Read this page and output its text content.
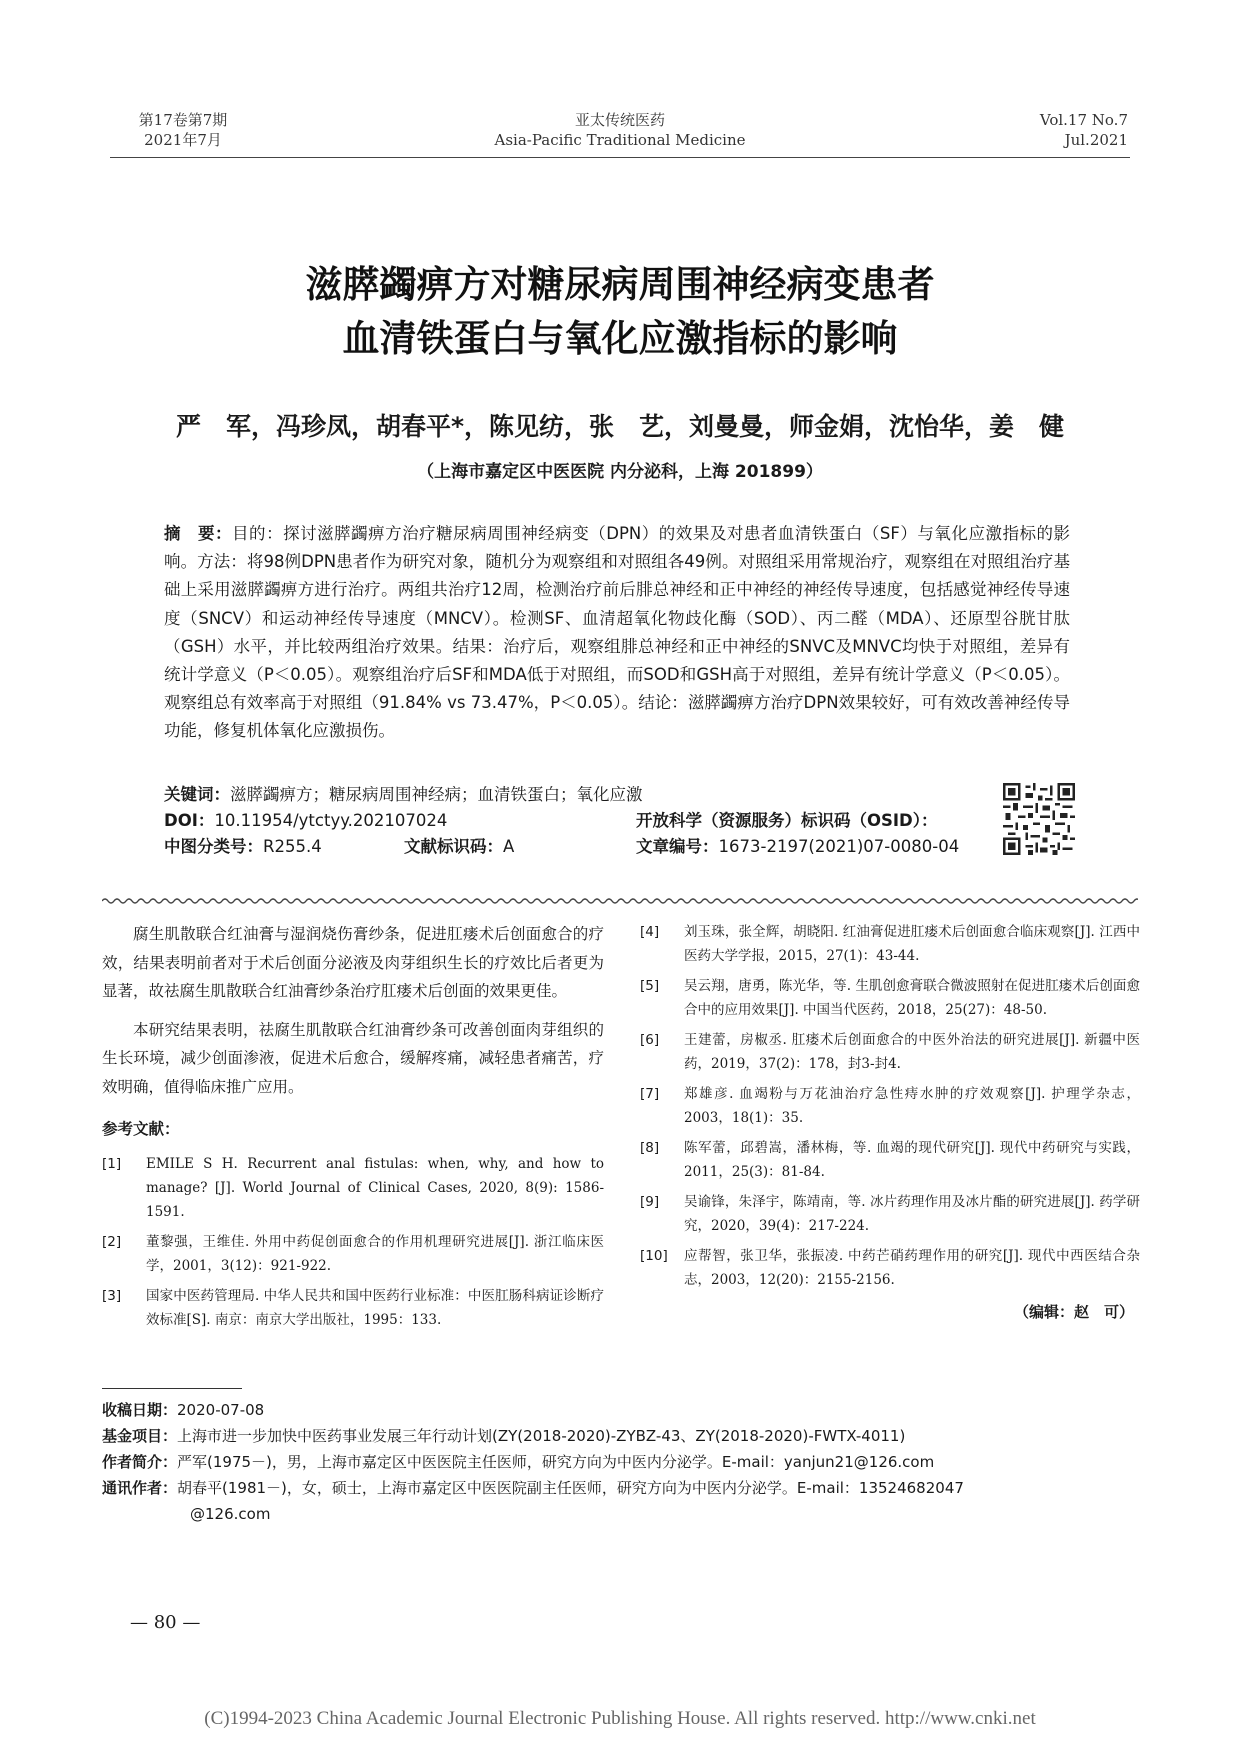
第17卷第7期
2021年7月
亚太传统医药
Asia-Pacific Traditional Medicine
Vol.17 No.7
Jul.2021
滋膵蠲痹方对糖尿病周围神经病变患者
血清铁蛋白与氧化应激指标的影响
严　军，冯珍凤，胡春平*，陈见纺，张　艺，刘曼曼，师金娟，沈怡华，姜　健
（上海市嘉定区中医医院 内分泌科，上海 201899）
摘　要：目的：探讨滋膵蠲痹方治疗糖尿病周围神经病变（DPN）的效果及对患者血清铁蛋白（SF）与氧化应激指标的影响。方法：将98例DPN患者作为研究对象，随机分为观察组和对照组各49例。对照组采用常规治疗，观察组在对照组治疗基础上采用滋膵蠲痹方进行治疗。两组共治疗12周，检测治疗前后腓总神经和正中神经的神经传导速度，包括感觉神经传导速度（SNCV）和运动神经传导速度（MNCV）。检测SF、血清超氧化物歧化酶（SOD）、丙二醛（MDA）、还原型谷胱甘肽（GSH）水平，并比较两组治疗效果。结果：治疗后，观察组腓总神经和正中神经的SNVC及MNVC均快于对照组，差异有统计学意义（P＜0.05）。观察组治疗后SF和MDA低于对照组，而SOD和GSH高于对照组，差异有统计学意义（P＜0.05）。观察组总有效率高于对照组（91.84% vs 73.47%，P＜0.05）。结论：滋膵蠲痹方治疗DPN效果较好，可有效改善神经传导功能，修复机体氧化应激损伤。
关键词：滋膵蠲痹方；糖尿病周围神经病；血清铁蛋白；氧化应激
DOI：10.11954/ytctyy.202107024	开放科学（资源服务）标识码（OSID）：
中图分类号：R255.4	文献标识码：A	文章编号：1673-2197(2021)07-0080-04

腐生肌散联合红油膏与湿润烧伤膏纱条，促进肛瘘术后创面愈合的疗效，结果表明前者对于术后创面分泌液及肉芽组织生长的疗效比后者更为显著，故祛腐生肌散联合红油膏纱条治疗肛瘘术后创面的效果更佳。

本研究结果表明，祛腐生肌散联合红油膏纱条可改善创面肉芽组织的生长环境，减少创面渗液，促进术后愈合，缓解疼痛，减轻患者痛苦，疗效明确，值得临床推广应用。

参考文献：
[1]	EMILE S H. Recurrent anal fistulas: when, why, and how to manage? [J]. World Journal of Clinical Cases, 2020, 8(9): 1586-1591.
[2]	董黎强，王维佳. 外用中药促创面愈合的作用机理研究进展[J]. 浙江临床医学，2001，3(12)：921-922.
[3]	国家中医药管理局. 中华人民共和国中医药行业标准：中医肛肠科病证诊断疗效标准[S]. 南京：南京大学出版社，1995：133.
[4]	刘玉珠，张全辉，胡晓阳. 红油膏促进肛瘘术后创面愈合临床观察[J]. 江西中医药大学学报，2015，27(1)：43-44.
[5]	吴云翔，唐勇，陈光华，等. 生肌创愈膏联合微波照射在促进肛瘘术后创面愈合中的应用效果[J]. 中国当代医药，2018，25(27)：48-50.
[6]	王建蕾，房椒丞. 肛瘘术后创面愈合的中医外治法的研究进展[J]. 新疆中医药，2019，37(2)：178，封3-封4.
[7]	郑雄彦. 血竭粉与万花油治疗急性痔水肿的疗效观察[J]. 护理学杂志，2003，18(1)：35.
[8]	陈军蕾，邱碧嵩，潘林梅，等. 血竭的现代研究[J]. 现代中药研究与实践，2011，25(3)：81-84.
[9]	吴谕锋，朱泽宇，陈靖南，等. 冰片药理作用及冰片酯的研究进展[J]. 药学研究，2020，39(4)：217-224.
[10]	应帮智，张卫华，张振凌. 中药芒硝药理作用的研究[J]. 现代中西医结合杂志，2003，12(20)：2155-2156.
（编辑：赵　可）
收稿日期：2020-07-08
基金项目：上海市进一步加快中医药事业发展三年行动计划(ZY(2018-2020)-ZYBZ-43、ZY(2018-2020)-FWTX-4011)
作者简介：严军(1975－)，男，上海市嘉定区中医医院主任医师，研究方向为中医内分泌学。E-mail：yanjun21@126.com
通讯作者：胡春平(1981－)，女，硕士，上海市嘉定区中医医院副主任医师，研究方向为中医内分泌学。E-mail：13524682047
@126.com
— 80 —
(C)1994-2023 China Academic Journal Electronic Publishing House. All rights reserved. http://www.cnki.net
